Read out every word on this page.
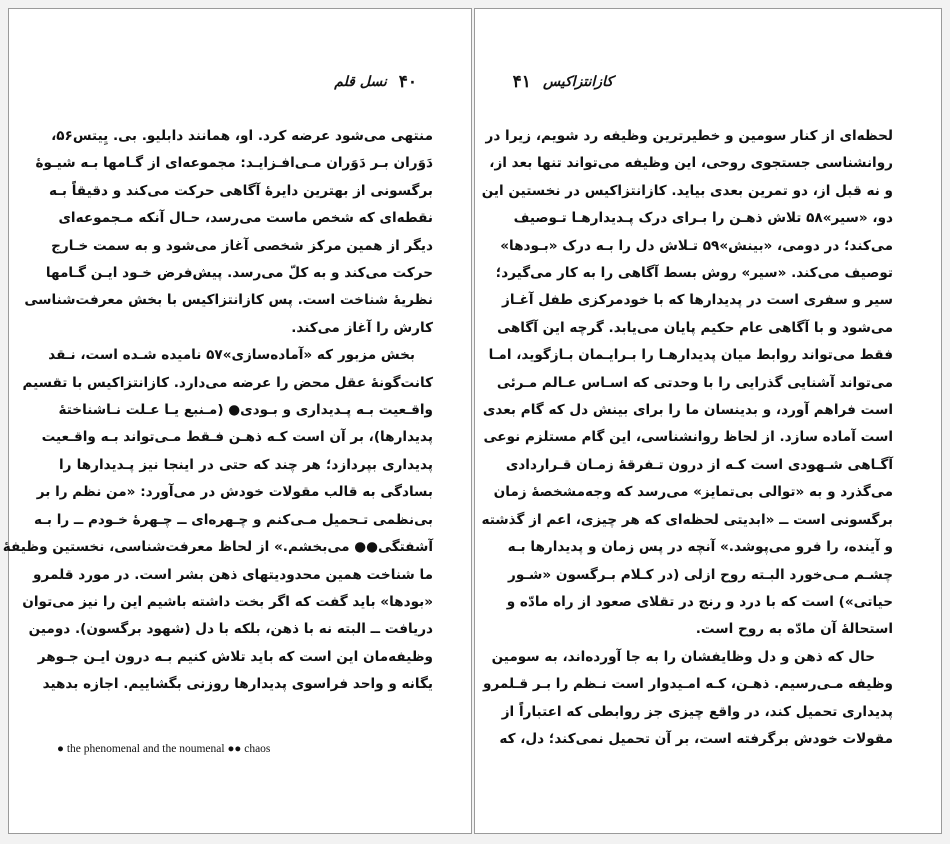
۴۰
نسل قلم
منتهی می‌شود عرضه کرد. او، همانند دابلیو. بی. یِیتس‌۵۶،
دَوَران بـر دَوَران مـی‌افـزایـد: مجموعه‌ای از گـامها بـه شیـوهٔ
برگسونی از بهترین دایرهٔ آگاهی حرکت می‌کند و دقیقاً بـه
نقطه‌ای که شخص ماست می‌رسد، حـال آنکه مـجموعه‌ای
دیگر از همین مرکز شخصی آغاز می‌شود و به سمت خـارج
حرکت می‌کند و به کلّ می‌رسد. پیش‌فرض خـود ایـن گـامها
نظریهٔ شناخت است. پس کازانتزاکیس با بخش معرفت‌شناسی
کارش را آغاز می‌کند.
بخش مزبور که «آماده‌سازی»۵۷ نامیده شـده است، نـقد
کانت‌گونهٔ عقل محض را عرضه می‌دارد. کازانتزاکیس با تقسیم
واقـعیت بـه پـدیداری و بـودی● (مـنبع یـا عـلت نـاشناختهٔ
پدیدارها)، بر آن است کـه ذهـن فـقط مـی‌تواند بـه واقـعیت
پدیداری بپردازد؛ هر چند که حتی در اینجا نیز پـدیدارها را
بسادگی به قالب مقولات خودش در می‌آورد: «من نظم را بر
بی‌نظمی تـحمیل مـی‌کنم و چـهره‌ای ــ چـهرهٔ خـودم ــ را بـه
آشفتگی●● می‌بخشم.» از لحاظ معرفت‌شناسی، نخستین وظیفهٔ
ما شناخت همین محدودیتهای ذهن بشر است. در مورد قلمرو
«بودها» باید گفت که اگر بخت داشته باشیم این را نیز می‌توان
دریافت ــ البته نه با ذهن، بلکه با دل (شهود برگسون). دومین
وظیفه‌مان این است که باید تلاش کنیم بـه درون ایـن جـوهر
یگانه و واحد فراسوی پدیدارها روزنی بگشاییم. اجازه بدهید
● the phenomenal and the noumenal ●● chaos
کازانتزاکیس
۴۱
لحظه‌ای از کنار سومین و خطیرترین وظیفه رد شویم، زیرا در
روانشناسی جستجوی روحی، این وظیفه می‌تواند تنها بعد از،
و نه قبل از، دو تمرین بعدی بیاید. کازانتزاکیس در نخستین این
دو، «سیر»۵۸ تلاش ذهـن را بـرای درک پـدیدارهـا تـوصیف
می‌کند؛ در دومی، «بینش»۵۹ تـلاش دل را بـه درک «بـودها»
توصیف می‌کند. «سیر» روش بسط آگاهی را به کار می‌گیرد؛
سیر و سفری است در پدیدارها که با خودمرکزی طفل آغـاز
می‌شود و با آگاهی عام حکیم پایان می‌یابد. گرچه این آگاهی
فقط می‌تواند روابط میان پدیدارهـا را بـرایـمان بـازگوید، امـا
می‌تواند آشنایی گذرایی را با وحدتی که اسـاس عـالم مـرئی
است فراهم آورد، و بدینسان ما را برای بینش دل که گام بعدی
است آماده سازد. از لحاظ روانشناسی، این گام مستلزم نوعی
آگـاهی شـهودی است کـه از درون تـفرقهٔ زمـان قـراردادی
می‌گذرد و به «توالی بی‌تمایز» می‌رسد که وجه‌مشخصهٔ زمان
برگسونی است ــ «ابدیتی لحظه‌ای که هر چیزی، اعم از گذشته
و آینده، را فرو می‌پوشد.» آنچه در پس زمان و پدیدارها بـه
چشـم مـی‌خورد البـته روح ازلی (در کـلام بـرگسون «شـور
حیاتی») است که با درد و رنج در تقلای صعود از راه مادّه و
استحالهٔ آن مادّه به روح است.
حال که ذهن و دل وظایفشان را به جا آورده‌اند، به سومین
وظیفه مـی‌رسیم. ذهـن، کـه امـیدوار است نـظم را بـر قـلمرو
پدیداری تحمیل کند، در واقع چیزی جز روابطی که اعتباراً از
مقولات خودش برگرفته است، بر آن تحمیل نمی‌کند؛ دل، که
